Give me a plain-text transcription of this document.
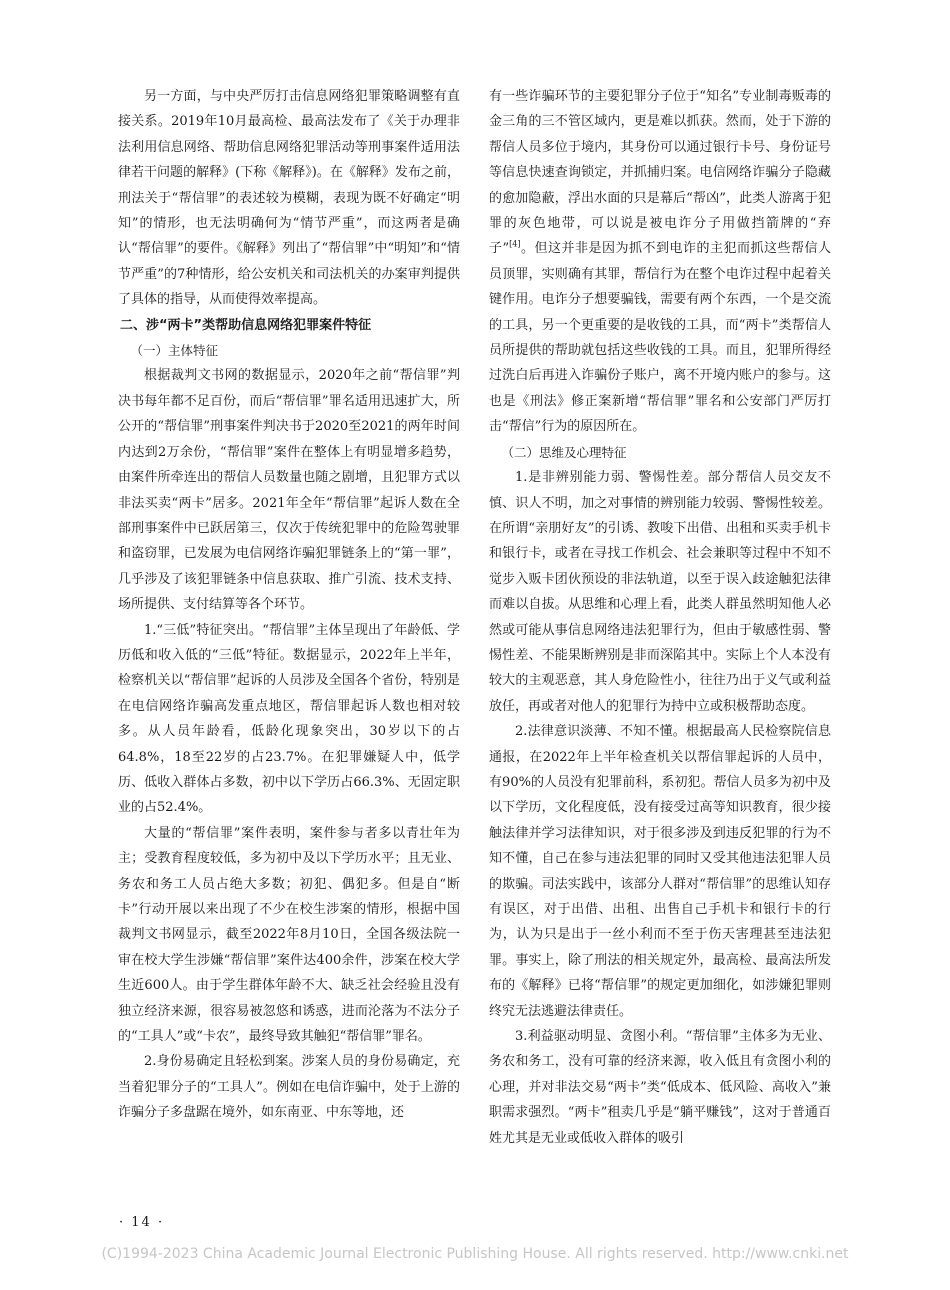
另一方面，与中央严厉打击信息网络犯罪策略调整有直接关系。2019年10月最高检、最高法发布了《关于办理非法利用信息网络、帮助信息网络犯罪活动等刑事案件适用法律若干问题的解释》(下称《解释》)。在《解释》发布之前，刑法关于“帮信罪”的表述较为模糊，表现为既不好确定“明知”的情形，也无法明确何为“情节严重”，而这两者是确认“帮信罪”的要件。《解释》列出了“帮信罪”中“明知”和“情节严重”的7种情形，给公安机关和司法机关的办案审判提供了具体的指导，从而使得效率提高。

二、涉“两卡”类帮助信息网络犯罪案件特征

（一）主体特征

根据裁判文书网的数据显示，2020年之前“帮信罪”判决书每年都不足百份，而后“帮信罪”罪名适用迅速扩大，所公开的“帮信罪”刑事案件判决书于2020至2021的两年时间内达到2万余份，“帮信罪”案件在整体上有明显增多趋势，由案件所牵连出的帮信人员数量也随之剧增，且犯罪方式以非法买卖“两卡”居多。2021年全年“帮信罪”起诉人数在全部刑事案件中已跃居第三，仅次于传统犯罪中的危险驾驶罪和盗窃罪，已发展为电信网络诈骗犯罪链条上的“第一罪”，几乎涉及了该犯罪链条中信息获取、推广引流、技术支持、场所提供、支付结算等各个环节。

1.“三低”特征突出。“帮信罪”主体呈现出了年龄低、学历低和收入低的“三低”特征。数据显示，2022年上半年，检察机关以“帮信罪”起诉的人员涉及全国各个省份，特别是在电信网络诈骗高发重点地区，帮信罪起诉人数也相对较多。从人员年龄看，低龄化现象突出，30岁以下的占64.8%，18至22岁的占23.7%。在犯罪嫌疑人中，低学历、低收入群体占多数，初中以下学历占66.3%、无固定职业的占52.4%。

大量的“帮信罪”案件表明，案件参与者多以青壮年为主；受教育程度较低，多为初中及以下学历水平；且无业、务农和务工人员占绝大多数；初犯、偶犯多。但是自“断卡”行动开展以来出现了不少在校生涉案的情形，根据中国裁判文书网显示，截至2022年8月10日，全国各级法院一审在校大学生涉嫌“帮信罪”案件达400余件，涉案在校大学生近600人。由于学生群体年龄不大、缺乏社会经验且没有独立经济来源，很容易被忽悠和诱惑，进而沦落为不法分子的“工具人”或“卡农”，最终导致其触犯“帮信罪”罪名。

2.身份易确定且轻松到案。涉案人员的身份易确定，充当着犯罪分子的“工具人”。例如在电信诈骗中，处于上游的诈骗分子多盘踞在境外，如东南亚、中东等地，还

有一些诈骗环节的主要犯罪分子位于“知名”专业制毒贩毒的金三角的三不管区域内，更是难以抓获。然而，处于下游的帮信人员多位于境内，其身份可以通过银行卡号、身份证号等信息快速查询锁定，并抓捕归案。电信网络诈骗分子隐藏的愈加隐蔽，浮出水面的只是幕后“帮凶”，此类人游离于犯罪的灰色地带，可以说是被电诈分子用做挡箭牌的“弃子”[4]。但这并非是因为抓不到电诈的主犯而抓这些帮信人员顶罪，实则确有其罪，帮信行为在整个电诈过程中起着关键作用。电诈分子想要骗钱，需要有两个东西，一个是交流的工具，另一个更重要的是收钱的工具，而“两卡”类帮信人员所提供的帮助就包括这些收钱的工具。而且，犯罪所得经过洗白后再进入诈骗份子账户，离不开境内账户的参与。这也是《刑法》修正案新增“帮信罪”罪名和公安部门严厉打击“帮信”行为的原因所在。

（二）思维及心理特征

1.是非辨别能力弱、警惕性差。部分帮信人员交友不慎、识人不明，加之对事情的辨别能力较弱、警惕性较差。在所谓“亲朋好友”的引诱、教唆下出借、出租和买卖手机卡和银行卡，或者在寻找工作机会、社会兼职等过程中不知不觉步入贩卡团伙预设的非法轨道，以至于误入歧途触犯法律而难以自拔。从思维和心理上看，此类人群虽然明知他人必然或可能从事信息网络违法犯罪行为，但由于敏感性弱、警惕性差、不能果断辨别是非而深陷其中。实际上个人本没有较大的主观恶意，其人身危险性小，往往乃出于义气或利益放任，再或者对他人的犯罪行为持中立或积极帮助态度。

2.法律意识淡薄、不知不懂。根据最高人民检察院信息通报，在2022年上半年检查机关以帮信罪起诉的人员中，有90%的人员没有犯罪前科，系初犯。帮信人员多为初中及以下学历，文化程度低，没有接受过高等知识教育，很少接触法律并学习法律知识，对于很多涉及到违反犯罪的行为不知不懂，自己在参与违法犯罪的同时又受其他违法犯罪人员的欺骗。司法实践中，该部分人群对“帮信罪”的思维认知存有误区，对于出借、出租、出售自己手机卡和银行卡的行为，认为只是出于一丝小利而不至于伤天害理甚至违法犯罪。事实上，除了刑法的相关规定外，最高检、最高法所发布的《解释》已将“帮信罪”的规定更加细化，如涉嫌犯罪则终究无法逃避法律责任。

3.利益驱动明显、贪图小利。“帮信罪”主体多为无业、务农和务工，没有可靠的经济来源，收入低且有贪图小利的心理，并对非法交易“两卡”类“低成本、低风险、高收入”兼职需求强烈。“两卡”租卖几乎是“躺平赚钱”，这对于普通百姓尤其是无业或低收入群体的吸引

· 14 ·
(C)1994-2023 China Academic Journal Electronic Publishing House. All rights reserved. http://www.cnki.net
